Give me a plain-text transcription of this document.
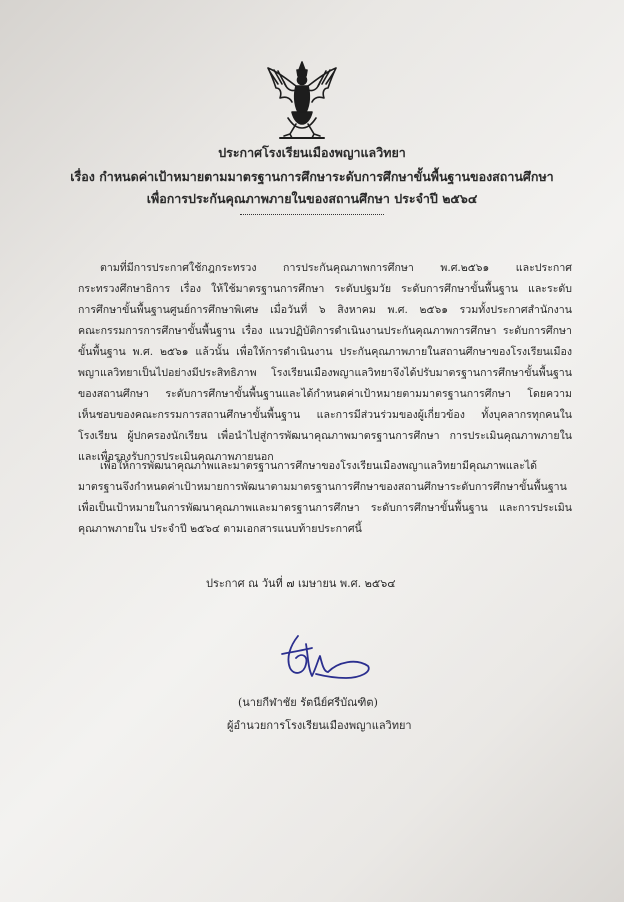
ประกาศโรงเรียนเมืองพญาแลวิทยา
เรื่อง กำหนดค่าเป้าหมายตามมาตรฐานการศึกษาระดับการศึกษาขั้นพื้นฐานของสถานศึกษา
เพื่อการประกันคุณภาพภายในของสถานศึกษา ประจำปี ๒๕๖๔
ตามที่มีการประกาศใช้กฎกระทรวง การประกันคุณภาพการศึกษา พ.ศ.๒๕๖๑ และประกาศ
กระทรวงศึกษาธิการ เรื่อง ให้ใช้มาตรฐานการศึกษา ระดับปฐมวัย ระดับการศึกษาขั้นพื้นฐาน และระดับ
การศึกษาขั้นพื้นฐานศูนย์การศึกษาพิเศษ เมื่อวันที่ ๖ สิงหาคม พ.ศ. ๒๕๖๑ รวมทั้งประกาศสำนักงาน
คณะกรรมการการศึกษาขั้นพื้นฐาน เรื่อง แนวปฏิบัติการดำเนินงานประกันคุณภาพการศึกษา ระดับการศึกษา
ขั้นพื้นฐาน พ.ศ. ๒๕๖๑ แล้วนั้น เพื่อให้การดำเนินงาน ประกันคุณภาพภายในสถานศึกษาของโรงเรียนเมือง
พญาแลวิทยาเป็นไปอย่างมีประสิทธิภาพ โรงเรียนเมืองพญาแลวิทยาจึงได้ปรับมาตรฐานการศึกษาขั้นพื้นฐาน
ของสถานศึกษา ระดับการศึกษาขั้นพื้นฐานและได้กำหนดค่าเป้าหมายตามมาตรฐานการศึกษา โดยความ
เห็นชอบของคณะกรรมการสถานศึกษาขั้นพื้นฐาน และการมีส่วนร่วมของผู้เกี่ยวข้อง ทั้งบุคลากรทุกคนใน
โรงเรียน ผู้ปกครองนักเรียน เพื่อนำไปสู่การพัฒนาคุณภาพมาตรฐานการศึกษา การประเมินคุณภาพภายใน
และเพื่อรองรับการประเมินคุณภาพภายนอก
เพื่อให้การพัฒนาคุณภาพและมาตรฐานการศึกษาของโรงเรียนเมืองพญาแลวิทยามีคุณภาพและได้
มาตรฐานจึงกำหนดค่าเป้าหมายการพัฒนาตามมาตรฐานการศึกษาของสถานศึกษาระดับการศึกษาขั้นพื้นฐาน
เพื่อเป็นเป้าหมายในการพัฒนาคุณภาพและมาตรฐานการศึกษา ระดับการศึกษาขั้นพื้นฐาน และการประเมิน
คุณภาพภายใน ประจำปี ๒๕๖๔ ตามเอกสารแนบท้ายประกาศนี้
ประกาศ ณ วันที่ ๗ เมษายน พ.ศ. ๒๕๖๔
(นายกีฬาชัย รัตนีย์ศรีบัณฑิต)
ผู้อำนวยการโรงเรียนเมืองพญาแลวิทยา
